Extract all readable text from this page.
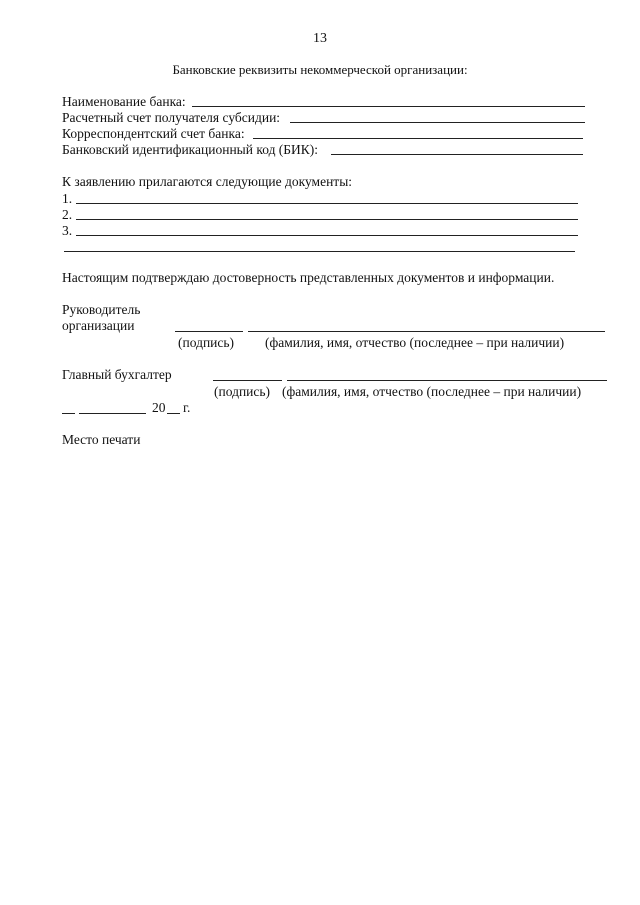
13
Банковские реквизиты некоммерческой организации:
Наименование банка:
Расчетный счет получателя субсидии:
Корреспондентский счет банка:
Банковский идентификационный код (БИК):
К заявлению прилагаются следующие документы:
1.
2.
3.
Настоящим подтверждаю достоверность представленных документов и информации.
Руководитель
организации
(подпись) (фамилия, имя, отчество (последнее – при наличии)
Главный бухгалтер
(подпись) (фамилия, имя, отчество (последнее – при наличии)
20 г.
Место печати
